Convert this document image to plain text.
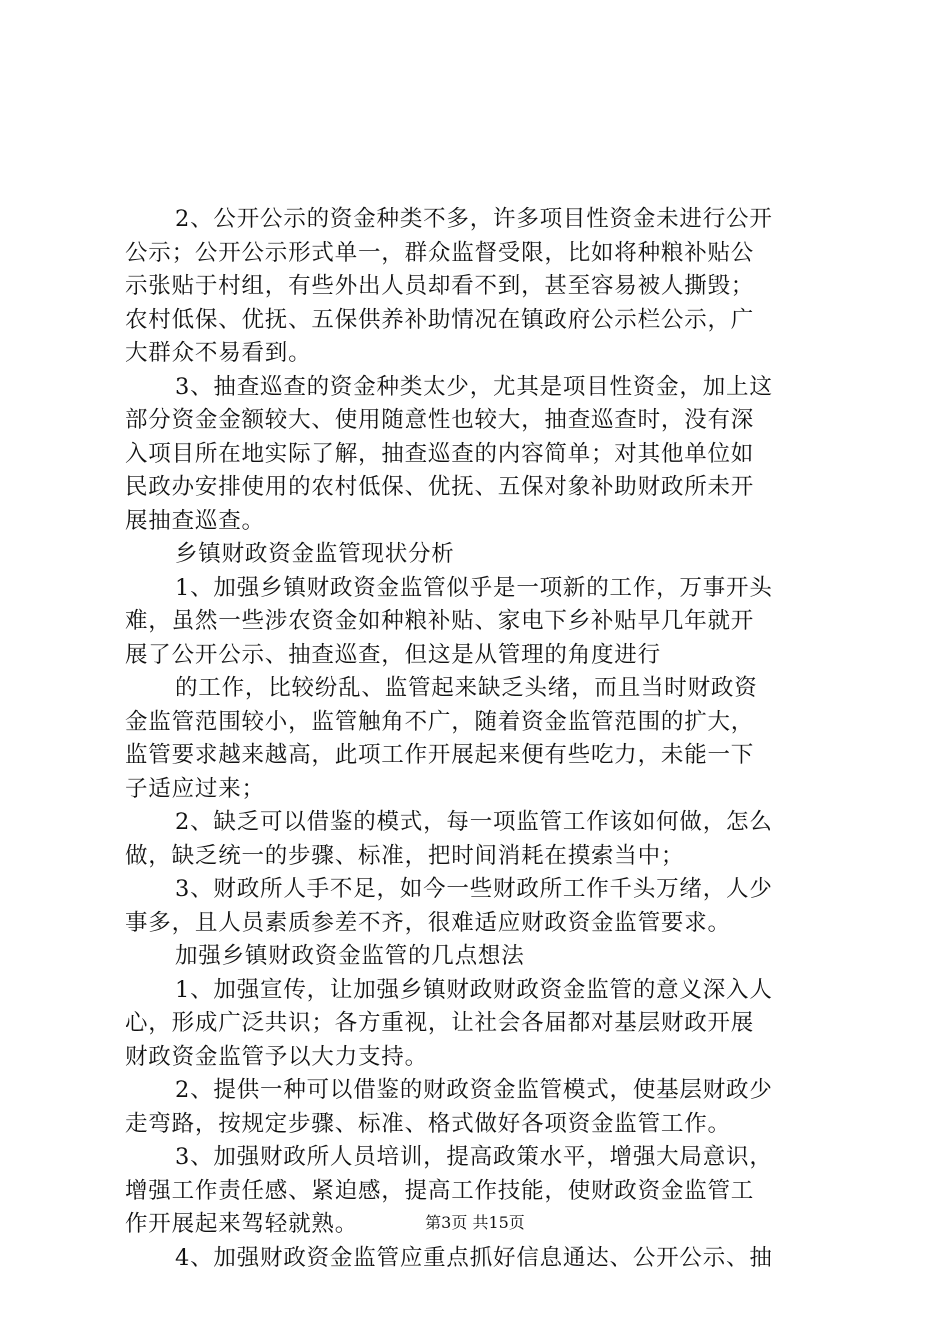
2、公开公示的资金种类不多，许多项目性资金未进行公开
公示；公开公示形式单一，群众监督受限，比如将种粮补贴公
示张贴于村组，有些外出人员却看不到，甚至容易被人撕毁；
农村低保、优抚、五保供养补助情况在镇政府公示栏公示，广
大群众不易看到。
3、抽查巡查的资金种类太少，尤其是项目性资金，加上这
部分资金金额较大、使用随意性也较大，抽查巡查时，没有深
入项目所在地实际了解，抽查巡查的内容简单；对其他单位如
民政办安排使用的农村低保、优抚、五保对象补助财政所未开
展抽查巡查。
乡镇财政资金监管现状分析
1、加强乡镇财政资金监管似乎是一项新的工作，万事开头
难，虽然一些涉农资金如种粮补贴、家电下乡补贴早几年就开
展了公开公示、抽查巡查，但这是从管理的角度进行
的工作，比较纷乱、监管起来缺乏头绪，而且当时财政资
金监管范围较小，监管触角不广，随着资金监管范围的扩大，
监管要求越来越高，此项工作开展起来便有些吃力，未能一下
子适应过来；
2、缺乏可以借鉴的模式，每一项监管工作该如何做，怎么
做，缺乏统一的步骤、标准，把时间消耗在摸索当中；
3、财政所人手不足，如今一些财政所工作千头万绪，人少
事多，且人员素质参差不齐，很难适应财政资金监管要求。
加强乡镇财政资金监管的几点想法
1、加强宣传，让加强乡镇财政财政资金监管的意义深入人
心，形成广泛共识；各方重视，让社会各届都对基层财政开展
财政资金监管予以大力支持。
2、提供一种可以借鉴的财政资金监管模式，使基层财政少
走弯路，按规定步骤、标准、格式做好各项资金监管工作。
3、加强财政所人员培训，提高政策水平，增强大局意识，
增强工作责任感、紧迫感，提高工作技能，使财政资金监管工
作开展起来驾轻就熟。
4、加强财政资金监管应重点抓好信息通达、公开公示、抽
第3页 共15页
